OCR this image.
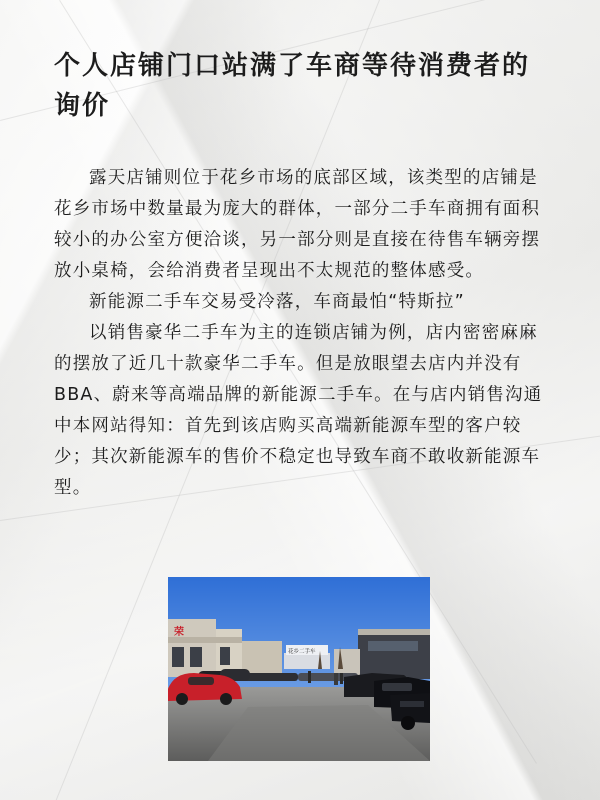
个人店铺门口站满了车商等待消费者的询价

露天店铺则位于花乡市场的底部区域，该类型的店铺是花乡市场中数量最为庞大的群体，一部分二手车商拥有面积较小的办公室方便洽谈，另一部分则是直接在待售车辆旁摆放小桌椅，会给消费者呈现出不太规范的整体感受。

新能源二手车交易受冷落，车商最怕“特斯拉”

以销售豪华二手车为主的连锁店铺为例，店内密密麻麻的摆放了近几十款豪华二手车。但是放眼望去店内并没有BBA、蔚来等高端品牌的新能源二手车。在与店内销售沟通中本网站得知：首先到该店购买高端新能源车型的客户较少；其次新能源车的售价不稳定也导致车商不敢收新能源车型。

荣
花乡二手车
